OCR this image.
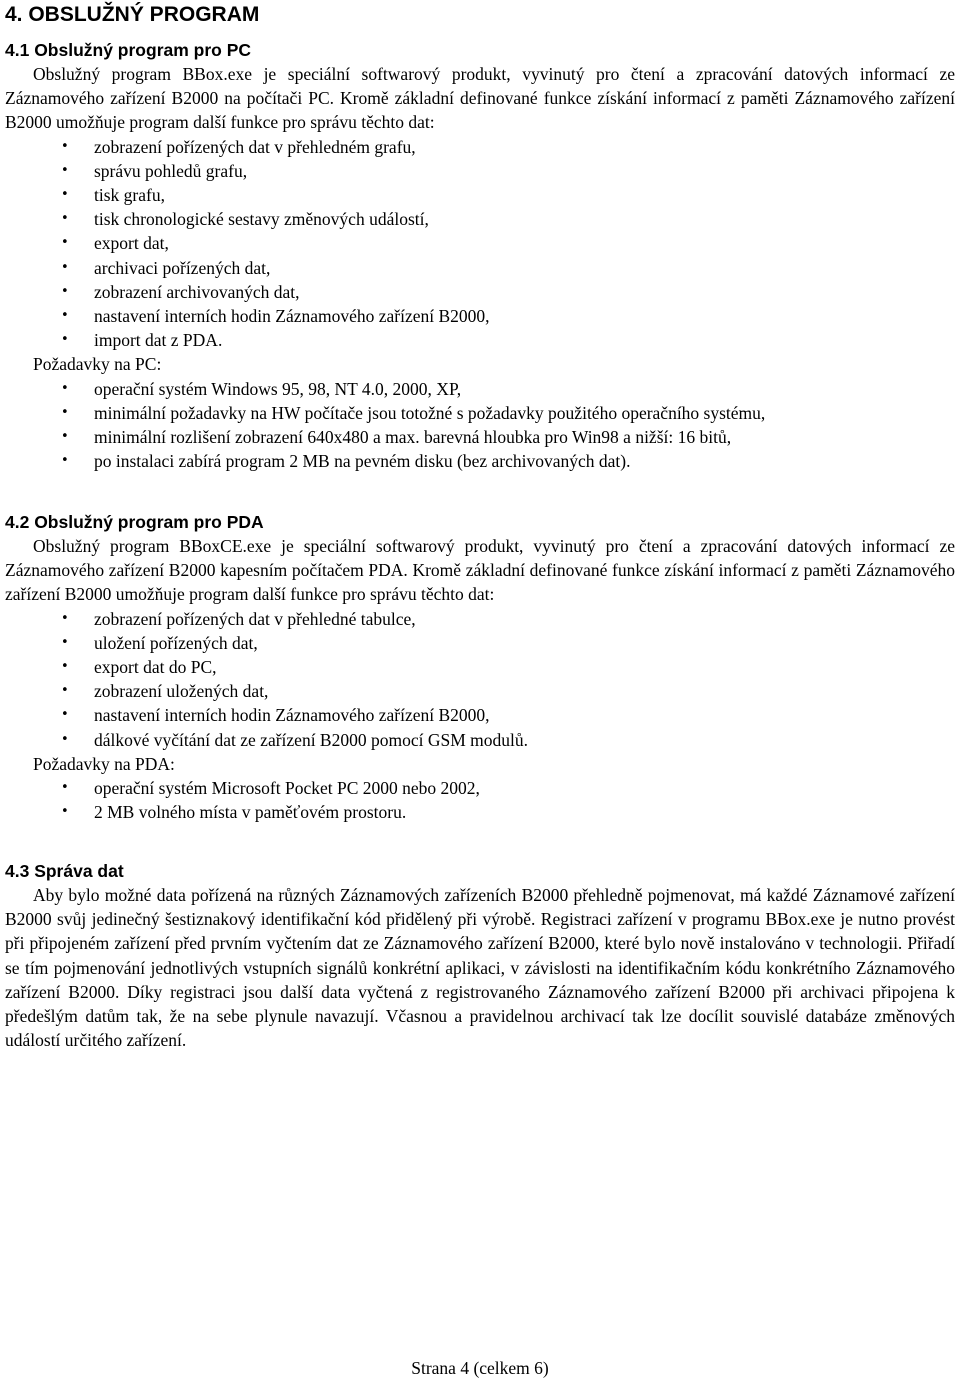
4. OBSLUŽNÝ PROGRAM
4.1 Obslužný program pro PC

Obslužný program BBox.exe je speciální softwarový produkt, vyvinutý pro čtení a zpracování datových informací ze Záznamového zařízení B2000 na počítači PC. Kromě základní definované funkce získání informací z paměti Záznamového zařízení B2000 umožňuje program další funkce pro správu těchto dat:

• zobrazení pořízených dat v přehledném grafu,
• správu pohledů grafu,
• tisk grafu,
• tisk chronologické sestavy změnových událostí,
• export dat,
• archivaci pořízených dat,
• zobrazení archivovaných dat,
• nastavení interních hodin Záznamového zařízení B2000,
• import dat z PDA.

Požadavky na PC:

• operační systém Windows 95, 98, NT 4.0, 2000, XP,
• minimální požadavky na HW počítače jsou totožné s požadavky použitého operačního systému,
• minimální rozlišení zobrazení 640x480 a max. barevná hloubka pro Win98 a nižší: 16 bitů,
• po instalaci zabírá program 2 MB na pevném disku (bez archivovaných dat).
4.2 Obslužný program pro PDA

Obslužný program BBoxCE.exe je speciální softwarový produkt, vyvinutý pro čtení a zpracování datových informací ze Záznamového zařízení B2000 kapesním počítačem PDA. Kromě základní definované funkce získání informací z paměti Záznamového zařízení B2000 umožňuje program další funkce pro správu těchto dat:

• zobrazení pořízených dat v přehledné tabulce,
• uložení pořízených dat,
• export dat do PC,
• zobrazení uložených dat,
• nastavení interních hodin Záznamového zařízení B2000,
• dálkové vyčítání dat ze zařízení B2000 pomocí GSM modulů.

Požadavky na PDA:

• operační systém Microsoft Pocket PC 2000 nebo 2002,
• 2 MB volného místa v paměťovém prostoru.
4.3 Správa dat

Aby bylo možné data pořízená na různých Záznamových zařízeních B2000 přehledně pojmenovat, má každé Záznamové zařízení B2000 svůj jedinečný šestiznakový identifikační kód přidělený při výrobě. Registraci zařízení v programu BBox.exe je nutno provést při připojeném zařízení před prvním vyčtením dat ze Záznamového zařízení B2000, které bylo nově instalováno v technologii. Přiřadí se tím pojmenování jednotlivých vstupních signálů konkrétní aplikaci, v závislosti na identifikačním kódu konkrétního Záznamového zařízení B2000. Díky registraci jsou další data vyčtená z registrovaného Záznamového zařízení B2000 při archivaci připojena k předešlým datům tak, že na sebe plynule navazují. Včasnou a pravidelnou archivací tak lze docílit souvislé databáze změnových událostí určitého zařízení.

Strana 4 (celkem 6)
